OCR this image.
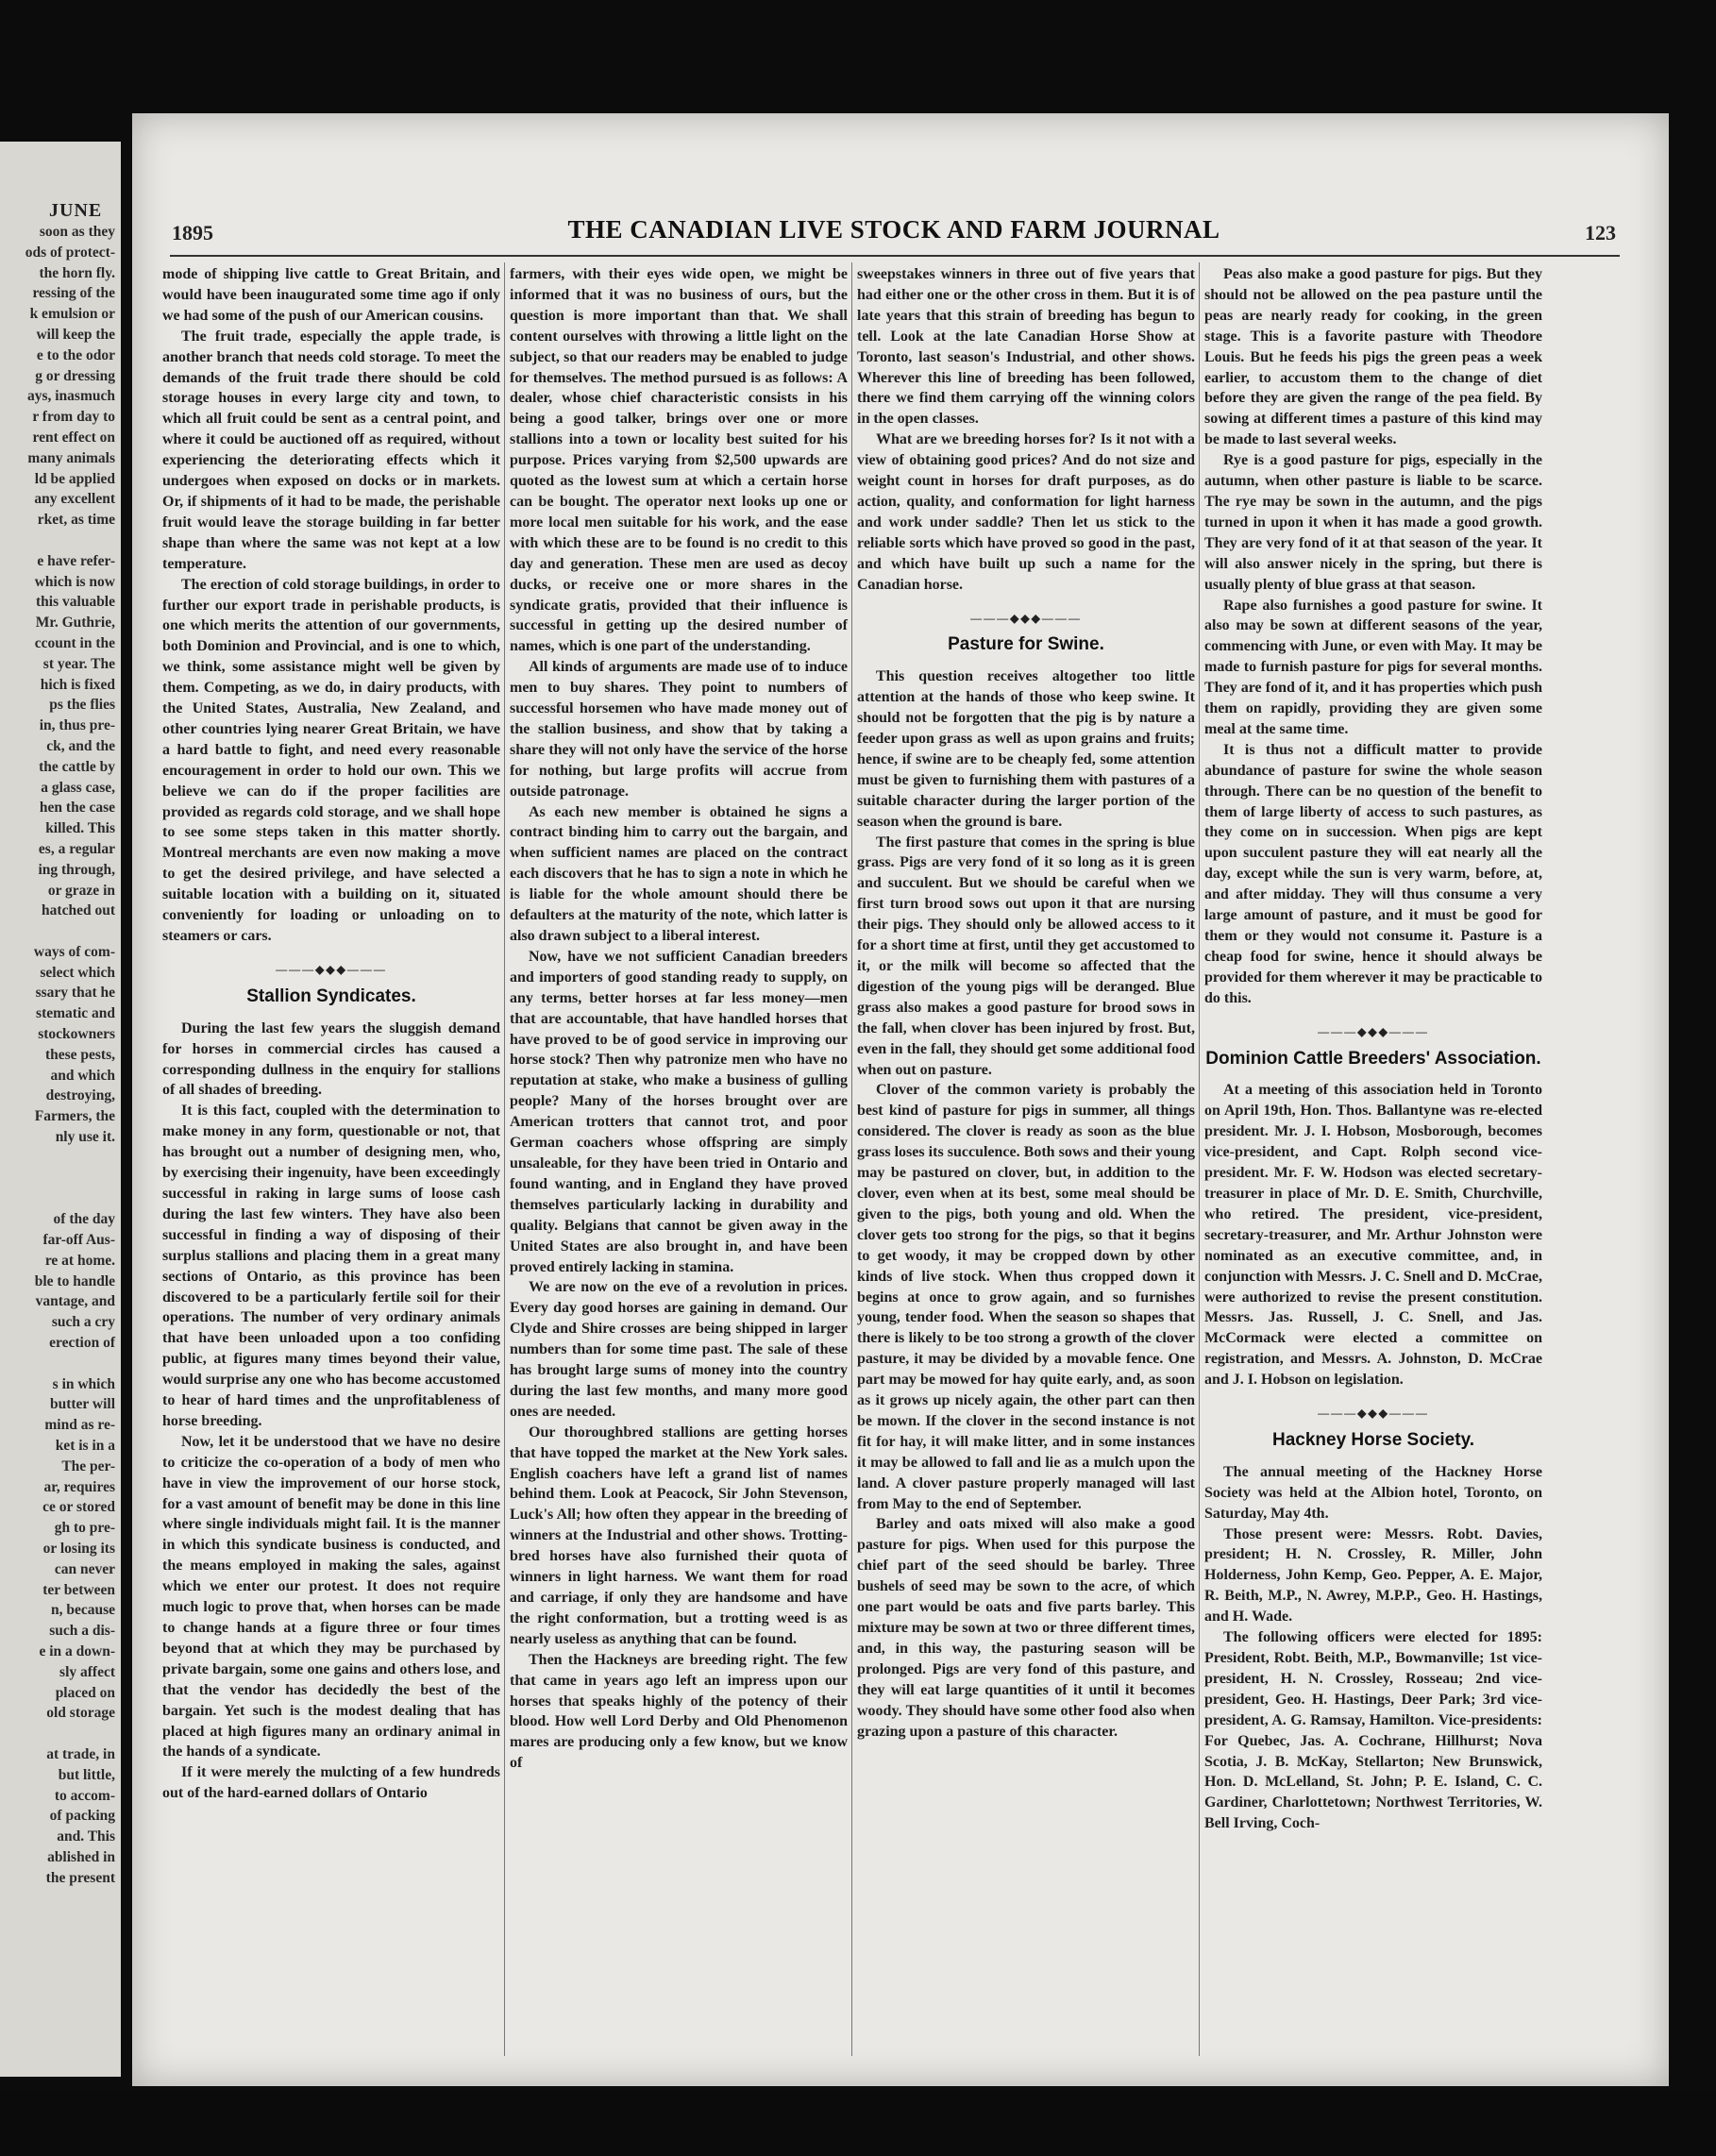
JUNE
soon as they
ods of protect-
the horn fly.
ressing of the
k emulsion or
will keep the
e to the odor
g or dressing
ays, inasmuch
r from day to
rent effect on
many animals
ld be applied
any excellent
rket, as time

e have refer-
which is now
this valuable
Mr. Guthrie,
ccount in the
st year. The
hich is fixed
ps the flies
in, thus pre-
ck, and the
the cattle by
a glass case,
hen the case
killed. This
es, a regular
ing through,
or graze in
hatched out

ways of com-
select which
ssary that he
stematic and
stockowners
these pests,
and which
destroying,
Farmers, the
nly use it.

of the day
far-off Aus-
re at home.
ble to handle
vantage, and
such a cry
erection of

s in which
butter will
mind as re-
ket is in a
The per-
ar, requires
ce or stored
gh to pre-
or losing its
can never
ter between
n, because
such a dis-
e in a down-
sly affect
placed on
old storage

at trade, in
but little,
to accom-
of packing
and. This
ablished in
the present
1895	THE CANADIAN LIVE STOCK AND FARM JOURNAL	123

mode of shipping live cattle to Great Britain, and would have been inaugurated some time ago if only we had some of the push of our American cousins.

The fruit trade, especially the apple trade, is another branch that needs cold storage. To meet the demands of the fruit trade there should be cold storage houses in every large city and town, to which all fruit could be sent as a central point, and where it could be auctioned off as required, without experiencing the deteriorating effects which it undergoes when exposed on docks or in markets. Or, if shipments of it had to be made, the perishable fruit would leave the storage building in far better shape than where the same was not kept at a low temperature.

The erection of cold storage buildings, in order to further our export trade in perishable products, is one which merits the attention of our governments, both Dominion and Provincial, and is one to which, we think, some assistance might well be given by them. Competing, as we do, in dairy products, with the United States, Australia, New Zealand, and other countries lying nearer Great Britain, we have a hard battle to fight, and need every reasonable encouragement in order to hold our own. This we believe we can do if the proper facilities are provided as regards cold storage, and we shall hope to see some steps taken in this matter shortly. Montreal merchants are even now making a move to get the desired privilege, and have selected a suitable location with a building on it, situated conveniently for loading or unloading on to steamers or cars.

———◆◆◆———
Stallion Syndicates.

During the last few years the sluggish demand for horses in commercial circles has caused a corresponding dullness in the enquiry for stallions of all shades of breeding.

It is this fact, coupled with the determination to make money in any form, questionable or not, that has brought out a number of designing men, who, by exercising their ingenuity, have been exceedingly successful in raking in large sums of loose cash during the last few winters. They have also been successful in finding a way of disposing of their surplus stallions and placing them in a great many sections of Ontario, as this province has been discovered to be a particularly fertile soil for their operations. The number of very ordinary animals that have been unloaded upon a too confiding public, at figures many times beyond their value, would surprise any one who has become accustomed to hear of hard times and the unprofitableness of horse breeding.

Now, let it be understood that we have no desire to criticize the co-operation of a body of men who have in view the improvement of our horse stock, for a vast amount of benefit may be done in this line where single individuals might fail. It is the manner in which this syndicate business is conducted, and the means employed in making the sales, against which we enter our protest. It does not require much logic to prove that, when horses can be made to change hands at a figure three or four times beyond that at which they may be purchased by private bargain, some one gains and others lose, and that the vendor has decidedly the best of the bargain. Yet such is the modest dealing that has placed at high figures many an ordinary animal in the hands of a syndicate.

If it were merely the mulcting of a few hundreds out of the hard-earned dollars of Ontario

farmers, with their eyes wide open, we might be informed that it was no business of ours, but the question is more important than that. We shall content ourselves with throwing a little light on the subject, so that our readers may be enabled to judge for themselves. The method pursued is as follows: A dealer, whose chief characteristic consists in his being a good talker, brings over one or more stallions into a town or locality best suited for his purpose. Prices varying from $2,500 upwards are quoted as the lowest sum at which a certain horse can be bought. The operator next looks up one or more local men suitable for his work, and the ease with which these are to be found is no credit to this day and generation. These men are used as decoy ducks, or receive one or more shares in the syndicate gratis, provided that their influence is successful in getting up the desired number of names, which is one part of the understanding.

All kinds of arguments are made use of to induce men to buy shares. They point to numbers of successful horsemen who have made money out of the stallion business, and show that by taking a share they will not only have the service of the horse for nothing, but large profits will accrue from outside patronage.

As each new member is obtained he signs a contract binding him to carry out the bargain, and when sufficient names are placed on the contract each discovers that he has to sign a note in which he is liable for the whole amount should there be defaulters at the maturity of the note, which latter is also drawn subject to a liberal interest.

Now, have we not sufficient Canadian breeders and importers of good standing ready to supply, on any terms, better horses at far less money—men that are accountable, that have handled horses that have proved to be of good service in improving our horse stock? Then why patronize men who have no reputation at stake, who make a business of gulling people? Many of the horses brought over are American trotters that cannot trot, and poor German coachers whose offspring are simply unsaleable, for they have been tried in Ontario and found wanting, and in England they have proved themselves particularly lacking in durability and quality. Belgians that cannot be given away in the United States are also brought in, and have been proved entirely lacking in stamina.

We are now on the eve of a revolution in prices. Every day good horses are gaining in demand. Our Clyde and Shire crosses are being shipped in larger numbers than for some time past. The sale of these has brought large sums of money into the country during the last few months, and many more good ones are needed.

Our thoroughbred stallions are getting horses that have topped the market at the New York sales. English coachers have left a grand list of names behind them. Look at Peacock, Sir John Stevenson, Luck's All; how often they appear in the breeding of winners at the Industrial and other shows. Trotting-bred horses have also furnished their quota of winners in light harness. We want them for road and carriage, if only they are handsome and have the right conformation, but a trotting weed is as nearly useless as anything that can be found.

Then the Hackneys are breeding right. The few that came in years ago left an impress upon our horses that speaks highly of the potency of their blood. How well Lord Derby and Old Phenomenon mares are producing only a few know, but we know of

sweepstakes winners in three out of five years that had either one or the other cross in them. But it is of late years that this strain of breeding has begun to tell. Look at the late Canadian Horse Show at Toronto, last season's Industrial, and other shows. Wherever this line of breeding has been followed, there we find them carrying off the winning colors in the open classes.

What are we breeding horses for? Is it not with a view of obtaining good prices? And do not size and weight count in horses for draft purposes, as do action, quality, and conformation for light harness and work under saddle? Then let us stick to the reliable sorts which have proved so good in the past, and which have built up such a name for the Canadian horse.

———◆◆◆———
Pasture for Swine.

This question receives altogether too little attention at the hands of those who keep swine. It should not be forgotten that the pig is by nature a feeder upon grass as well as upon grains and fruits; hence, if swine are to be cheaply fed, some attention must be given to furnishing them with pastures of a suitable character during the larger portion of the season when the ground is bare.

The first pasture that comes in the spring is blue grass. Pigs are very fond of it so long as it is green and succulent. But we should be careful when we first turn brood sows out upon it that are nursing their pigs. They should only be allowed access to it for a short time at first, until they get accustomed to it, or the milk will become so affected that the digestion of the young pigs will be deranged. Blue grass also makes a good pasture for brood sows in the fall, when clover has been injured by frost. But, even in the fall, they should get some additional food when out on pasture.

Clover of the common variety is probably the best kind of pasture for pigs in summer, all things considered. The clover is ready as soon as the blue grass loses its succulence. Both sows and their young may be pastured on clover, but, in addition to the clover, even when at its best, some meal should be given to the pigs, both young and old. When the clover gets too strong for the pigs, so that it begins to get woody, it may be cropped down by other kinds of live stock. When thus cropped down it begins at once to grow again, and so furnishes young, tender food. When the season so shapes that there is likely to be too strong a growth of the clover pasture, it may be divided by a movable fence. One part may be mowed for hay quite early, and, as soon as it grows up nicely again, the other part can then be mown. If the clover in the second instance is not fit for hay, it will make litter, and in some instances it may be allowed to fall and lie as a mulch upon the land. A clover pasture properly managed will last from May to the end of September.

Barley and oats mixed will also make a good pasture for pigs. When used for this purpose the chief part of the seed should be barley. Three bushels of seed may be sown to the acre, of which one part would be oats and five parts barley. This mixture may be sown at two or three different times, and, in this way, the pasturing season will be prolonged. Pigs are very fond of this pasture, and they will eat large quantities of it until it becomes woody. They should have some other food also when grazing upon a pasture of this character.

Peas also make a good pasture for pigs. But they should not be allowed on the pea pasture until the peas are nearly ready for cooking, in the green stage. This is a favorite pasture with Theodore Louis. But he feeds his pigs the green peas a week earlier, to accustom them to the change of diet before they are given the range of the pea field. By sowing at different times a pasture of this kind may be made to last several weeks.

Rye is a good pasture for pigs, especially in the autumn, when other pasture is liable to be scarce. The rye may be sown in the autumn, and the pigs turned in upon it when it has made a good growth. They are very fond of it at that season of the year. It will also answer nicely in the spring, but there is usually plenty of blue grass at that season.

Rape also furnishes a good pasture for swine. It also may be sown at different seasons of the year, commencing with June, or even with May. It may be made to furnish pasture for pigs for several months. They are fond of it, and it has properties which push them on rapidly, providing they are given some meal at the same time.

It is thus not a difficult matter to provide abundance of pasture for swine the whole season through. There can be no question of the benefit to them of large liberty of access to such pastures, as they come on in succession. When pigs are kept upon succulent pasture they will eat nearly all the day, except while the sun is very warm, before, at, and after midday. They will thus consume a very large amount of pasture, and it must be good for them or they would not consume it. Pasture is a cheap food for swine, hence it should always be provided for them wherever it may be practicable to do this.

———◆◆◆———
Dominion Cattle Breeders' Association.

At a meeting of this association held in Toronto on April 19th, Hon. Thos. Ballantyne was re-elected president. Mr. J. I. Hobson, Mosborough, becomes vice-president, and Capt. Rolph second vice-president. Mr. F. W. Hodson was elected secretary-treasurer in place of Mr. D. E. Smith, Churchville, who retired. The president, vice-president, secretary-treasurer, and Mr. Arthur Johnston were nominated as an executive committee, and, in conjunction with Messrs. J. C. Snell and D. McCrae, were authorized to revise the present constitution. Messrs. Jas. Russell, J. C. Snell, and Jas. McCormack were elected a committee on registration, and Messrs. A. Johnston, D. McCrae and J. I. Hobson on legislation.

———◆◆◆———
Hackney Horse Society.

The annual meeting of the Hackney Horse Society was held at the Albion hotel, Toronto, on Saturday, May 4th.

Those present were: Messrs. Robt. Davies, president; H. N. Crossley, R. Miller, John Holderness, John Kemp, Geo. Pepper, A. E. Major, R. Beith, M.P., N. Awrey, M.P.P., Geo. H. Hastings, and H. Wade.

The following officers were elected for 1895: President, Robt. Beith, M.P., Bowmanville; 1st vice-president, H. N. Crossley, Rosseau; 2nd vice-president, Geo. H. Hastings, Deer Park; 3rd vice-president, A. G. Ramsay, Hamilton. Vice-presidents: For Quebec, Jas. A. Cochrane, Hillhurst; Nova Scotia, J. B. McKay, Stellarton; New Brunswick, Hon. D. McLelland, St. John; P. E. Island, C. C. Gardiner, Charlottetown; Northwest Territories, W. Bell Irving, Coch-
